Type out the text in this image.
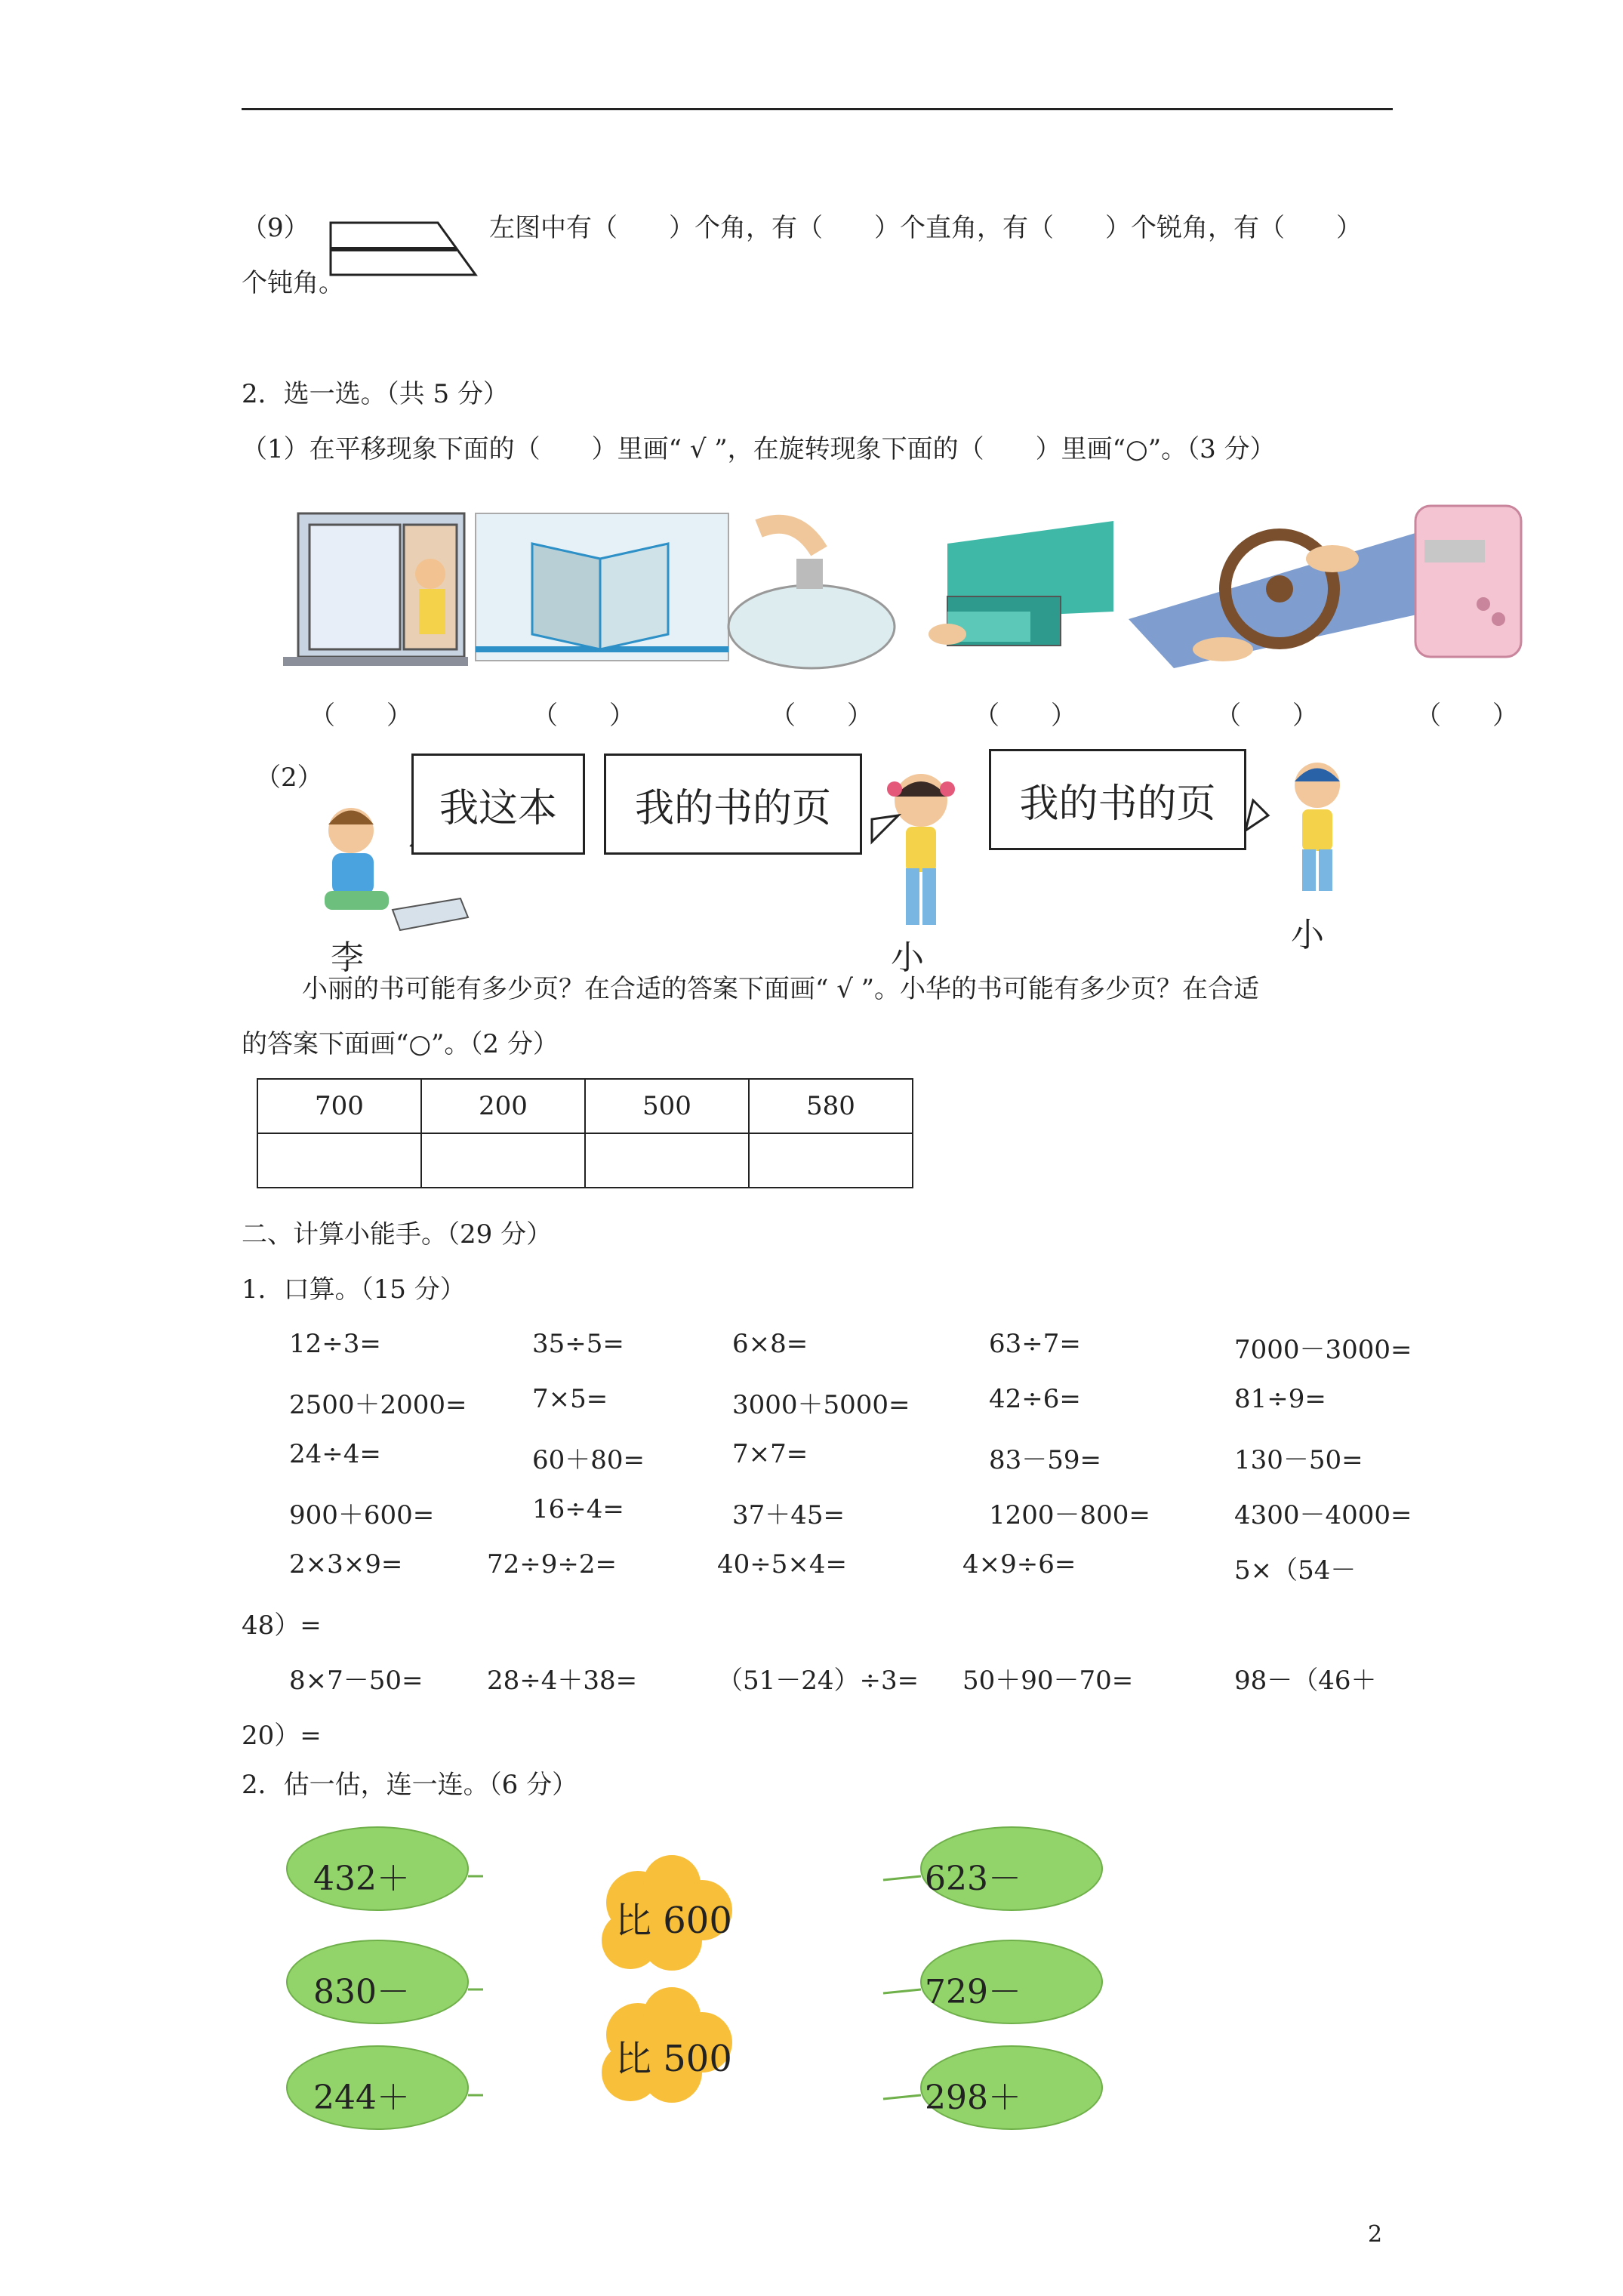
（9）	左图中有（　　）个角，有（　　）个直角，有（　　）个锐角，有（　　）
个钝角。
2．选一选。（共 5 分）
（1）在平移现象下面的（　　）里画“ √ ”，在旋转现象下面的（　　）里画“○”。（3 分）
（　　）	（　　）	（　　）	（　　）	（　　）	（　　）
（2）
我这本	我的书的页	我的书的页
李	小
小
小丽的书可能有多少页？在合适的答案下面画“ √ ”。小华的书可能有多少页？在合适
的答案下面画“○”。（2 分）
700	200	500	580

二、计算小能手。（29 分）
1．口算。（15 分）
12÷3=	35÷5=	6×8=	63÷7=	7000－3000=
2500＋2000=	7×5=	3000＋5000=	42÷6=	81÷9=
24÷4=	60＋80=	7×7=	83－59=	130－50=
900＋600=	16÷4=	37＋45=	1200－800=	4300－4000=
2×3×9=	72÷9÷2=	40÷5×4=	4×9÷6=	5×（54－
48）=
8×7－50= 28÷4＋38=	（51－24）÷3= 50＋90－70=	98－（46＋
20）=
2．估一估，连一连。（6 分）
比 600
比 500
2
